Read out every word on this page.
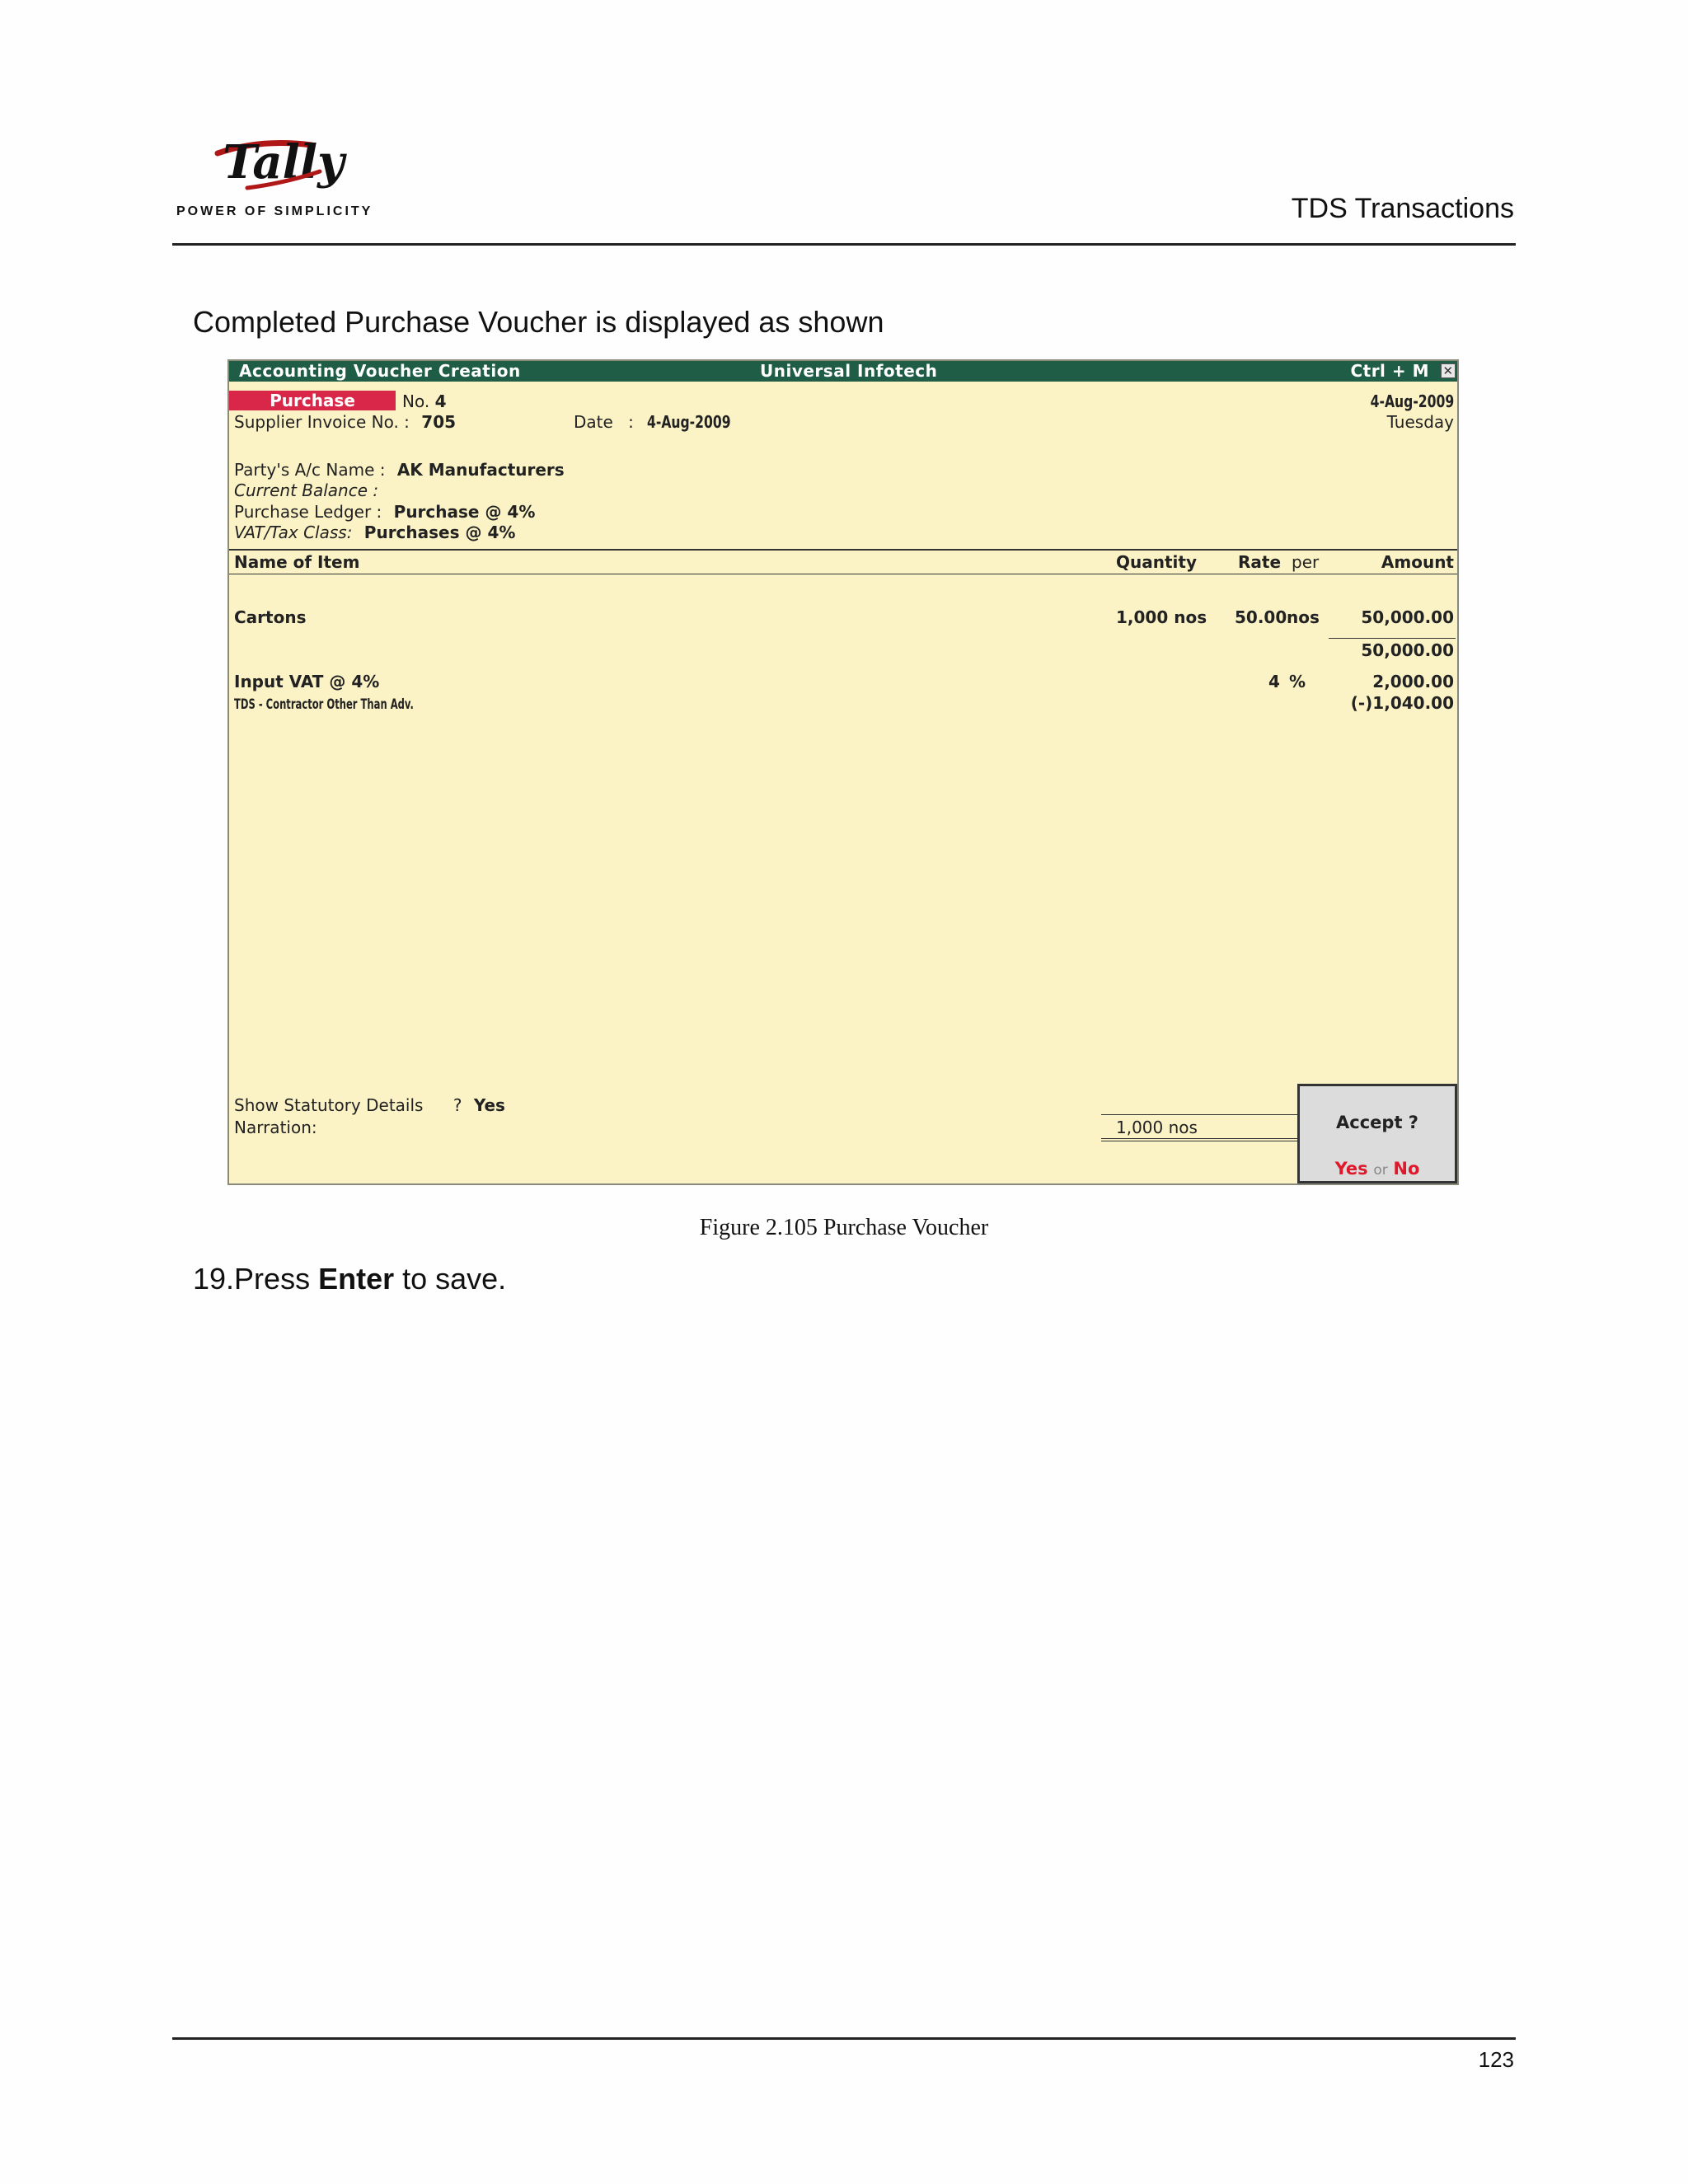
Tally
POWER OF SIMPLICITY	TDS Transactions
Completed Purchase Voucher is displayed as shown
Accounting Voucher Creation	Universal Infotech	Ctrl + M ✕
Purchase	No. 4	4-Aug-2009
Tuesday
Supplier Invoice No. : 705	Date : 4-Aug-2009
Party's A/c Name : AK Manufacturers
Current Balance :
Purchase Ledger : Purchase @ 4%
VAT/Tax Class: Purchases @ 4%
Name of Item	Quantity	Rate per	Amount
Cartons	1,000 nos 50.00 nos	50,000.00
50,000.00
Input VAT @ 4%	4 %	2,000.00
TDS - Contractor Other Than Adv.	(-)1,040.00
Show Statutory Details ? Yes
Narration:	1,000 nos	Accept ?
Yes or No
Figure 2.105 Purchase Voucher
19.Press Enter to save.
123
